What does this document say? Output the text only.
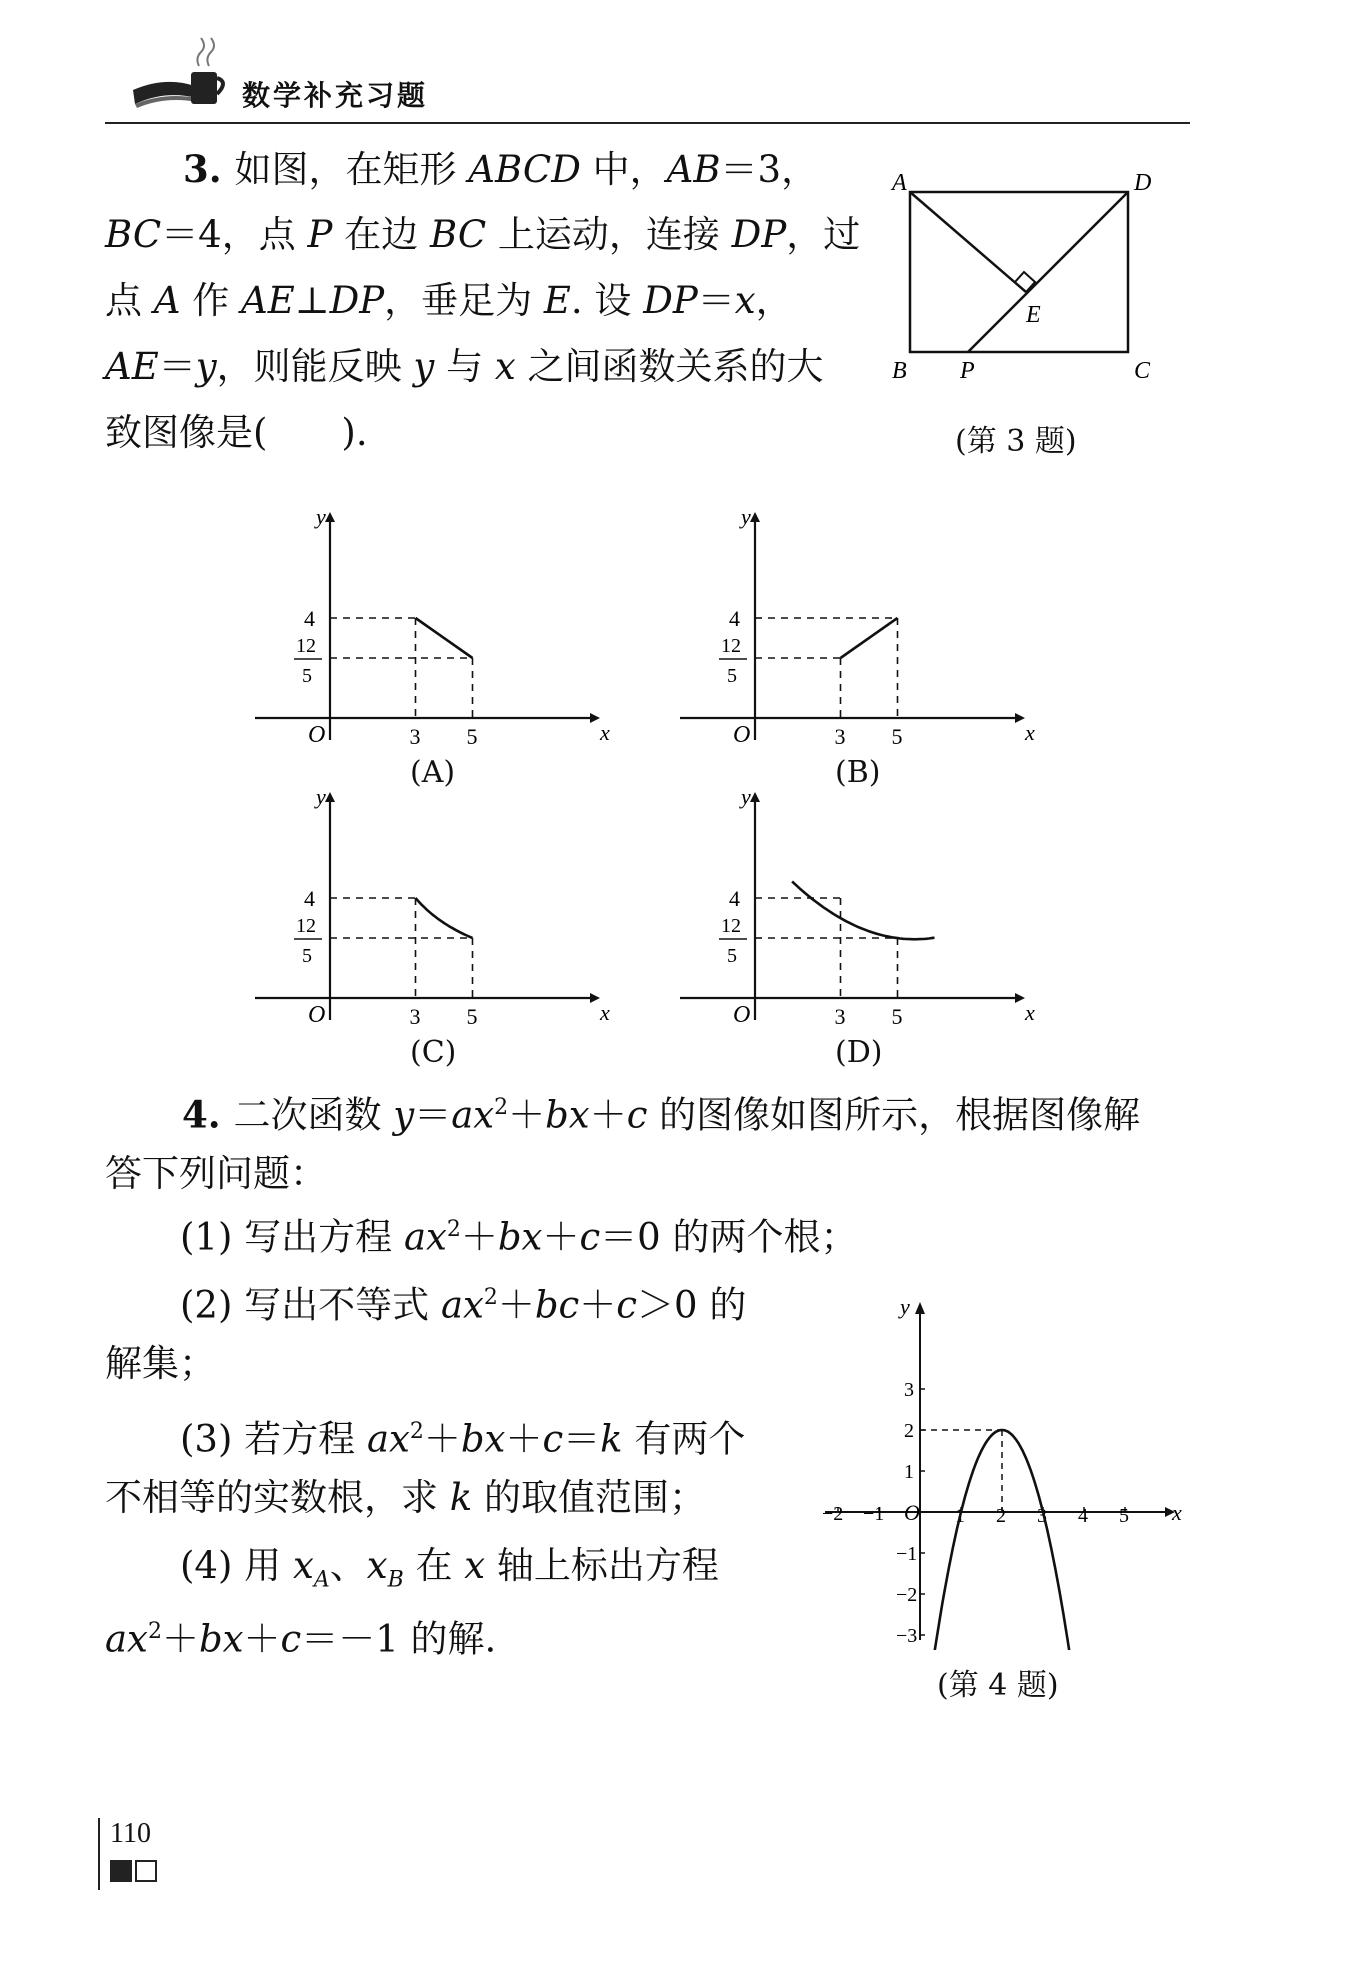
数学补充习题
3. 如图，在矩形 ABCD 中，AB＝3，
BC＝4，点 P 在边 BC 上运动，连接 DP，过
点 A 作 AE⊥DP，垂足为 E. 设 DP＝x，
AE＝y，则能反映 y 与 x 之间函数关系的大
致图像是(　　).
A	D
B	C
E
P
(第 3 题)
y
x
O
4
12
5
3 5
(A)
y
x
O
4
12
5
3 5
(B)
y
x
O
4
12
5
3 5
(C)
y
x
O
4
12
5
3 5
(D)
4. 二次函数 $y=ax^2+bx+c$ 的图像如图所示，根据图像解
答下列问题：
(1) 写出方程 $ax^2+bx+c=0$ 的两个根；
(2) 写出不等式 $ax^2+bc+c>0$ 的
解集；
(3) 若方程 $ax^2+bx+c=k$ 有两个
不相等的实数根，求 k 的取值范围；
(4) 用 $x_A$、$x_B$ 在 x 轴上标出方程
$ax^2+bx+c=-1$ 的解.
y
x
O
−2 −1	1 2 3 4 5
3
2
1
−1
−2
−3
(第 4 题)
110
